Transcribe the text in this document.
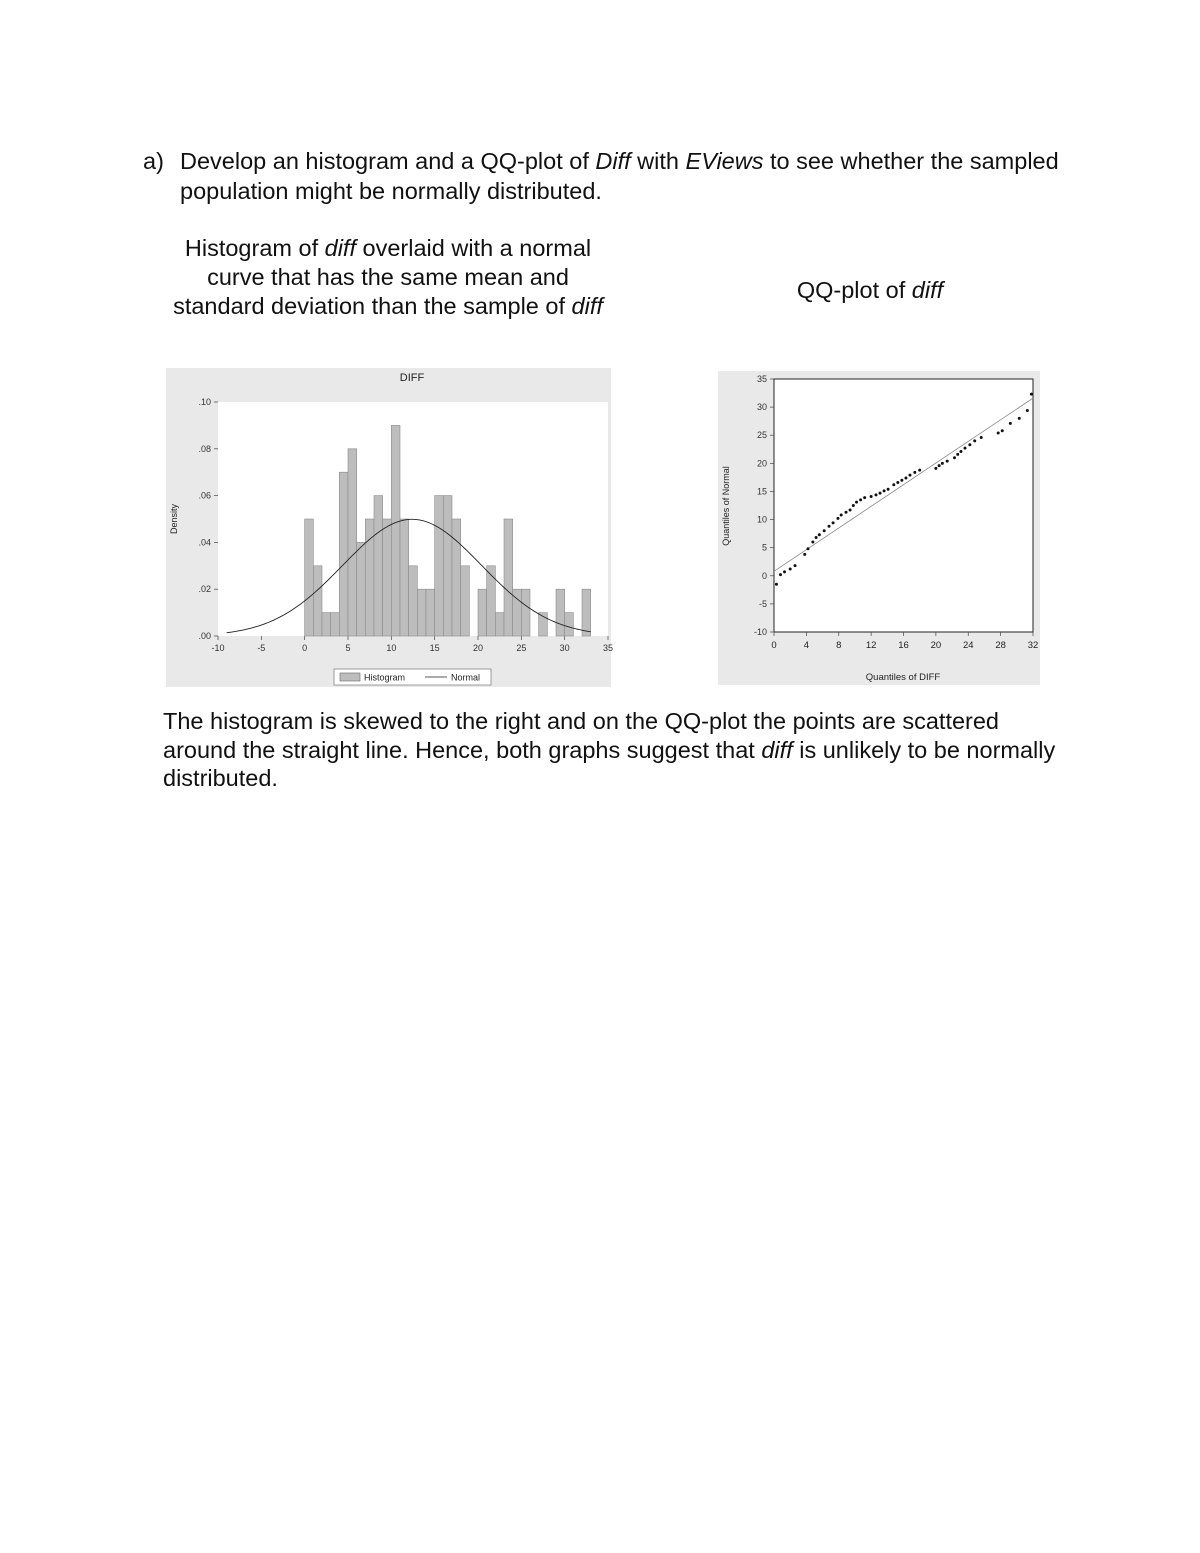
a) Develop an histogram and a QQ-plot of Diff with EViews to see whether the sampled population might be normally distributed.
Histogram of diff overlaid with a normal curve that has the same mean and standard deviation than the sample of diff
QQ-plot of diff
DIFF
Density
.00
.02
.04
.06
.08
.10
-10	-5	0	5	10	15	20	25	30	35
Histogram	Normal
Quantiles of Normal
Quantiles of DIFF
-10
-5
0
5
10
15
20
25
30
35
0	4	8	12 16 20 24 28 32
The histogram is skewed to the right and on the QQ-plot the points are scattered around the straight line. Hence, both graphs suggest that diff is unlikely to be normally distributed.
